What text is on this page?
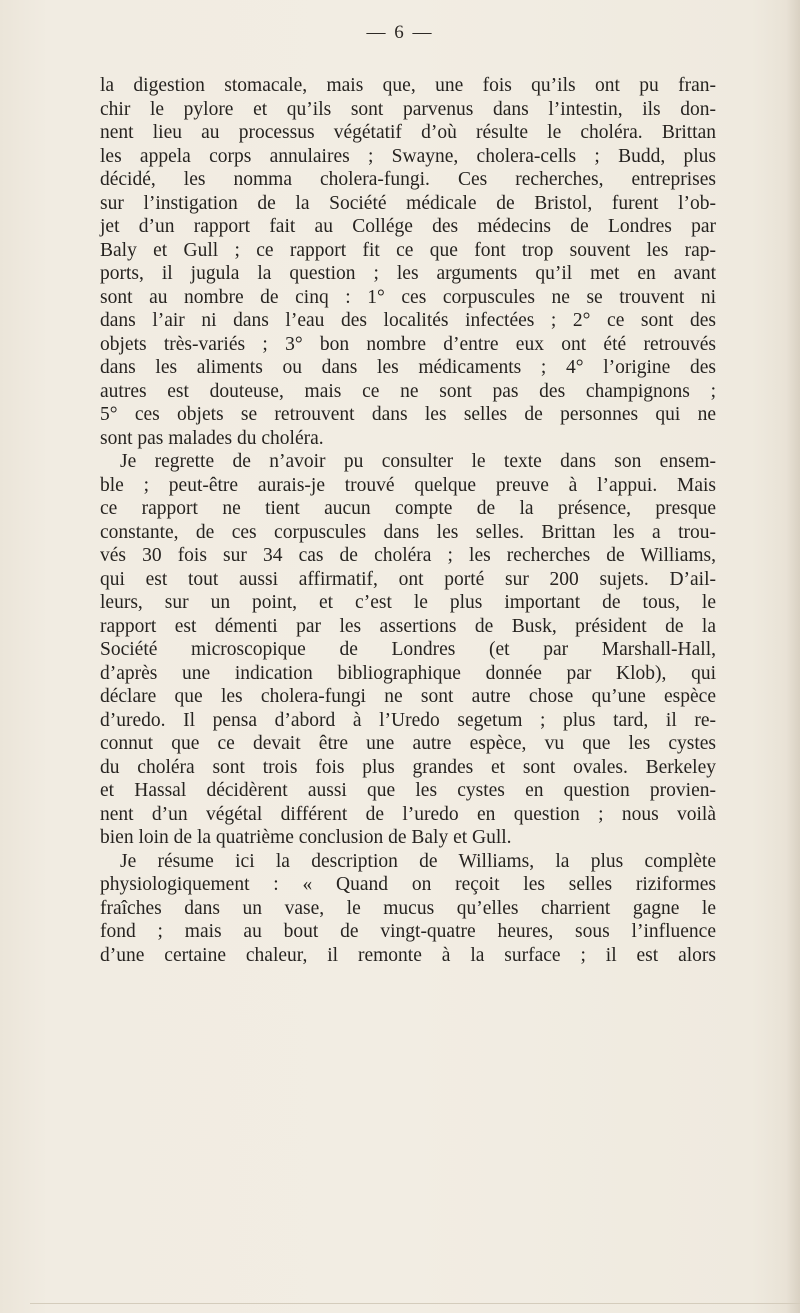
— 6 —
la digestion stomacale, mais que, une fois qu’ils ont pu fran-
chir le pylore et qu’ils sont parvenus dans l’intestin, ils don-
nent lieu au processus végétatif d’où résulte le choléra. Brittan
les appela corps annulaires ; Swayne, cholera-cells ; Budd, plus
décidé, les nomma cholera-fungi. Ces recherches, entreprises
sur l’instigation de la Société médicale de Bristol, furent l’ob-
jet d’un rapport fait au Collége des médecins de Londres par
Baly et Gull ; ce rapport fit ce que font trop souvent les rap-
ports, il jugula la question ; les arguments qu’il met en avant
sont au nombre de cinq : 1° ces corpuscules ne se trouvent ni
dans l’air ni dans l’eau des localités infectées ; 2° ce sont des
objets très-variés ; 3° bon nombre d’entre eux ont été retrouvés
dans les aliments ou dans les médicaments ; 4° l’origine des
autres est douteuse, mais ce ne sont pas des champignons ;
5° ces objets se retrouvent dans les selles de personnes qui ne
sont pas malades du choléra.
Je regrette de n’avoir pu consulter le texte dans son ensem-
ble ; peut-être aurais-je trouvé quelque preuve à l’appui. Mais
ce rapport ne tient aucun compte de la présence, presque
constante, de ces corpuscules dans les selles. Brittan les a trou-
vés 30 fois sur 34 cas de choléra ; les recherches de Williams,
qui est tout aussi affirmatif, ont porté sur 200 sujets. D’ail-
leurs, sur un point, et c’est le plus important de tous, le
rapport est démenti par les assertions de Busk, président de la
Société microscopique de Londres (et par Marshall-Hall,
d’après une indication bibliographique donnée par Klob), qui
déclare que les cholera-fungi ne sont autre chose qu’une espèce
d’uredo. Il pensa d’abord à l’Uredo segetum ; plus tard, il re-
connut que ce devait être une autre espèce, vu que les cystes
du choléra sont trois fois plus grandes et sont ovales. Berkeley
et Hassal décidèrent aussi que les cystes en question provien-
nent d’un végétal différent de l’uredo en question ; nous voilà
bien loin de la quatrième conclusion de Baly et Gull.
Je résume ici la description de Williams, la plus complète
physiologiquement : « Quand on reçoit les selles riziformes
fraîches dans un vase, le mucus qu’elles charrient gagne le
fond ; mais au bout de vingt-quatre heures, sous l’influence
d’une certaine chaleur, il remonte à la surface ; il est alors
